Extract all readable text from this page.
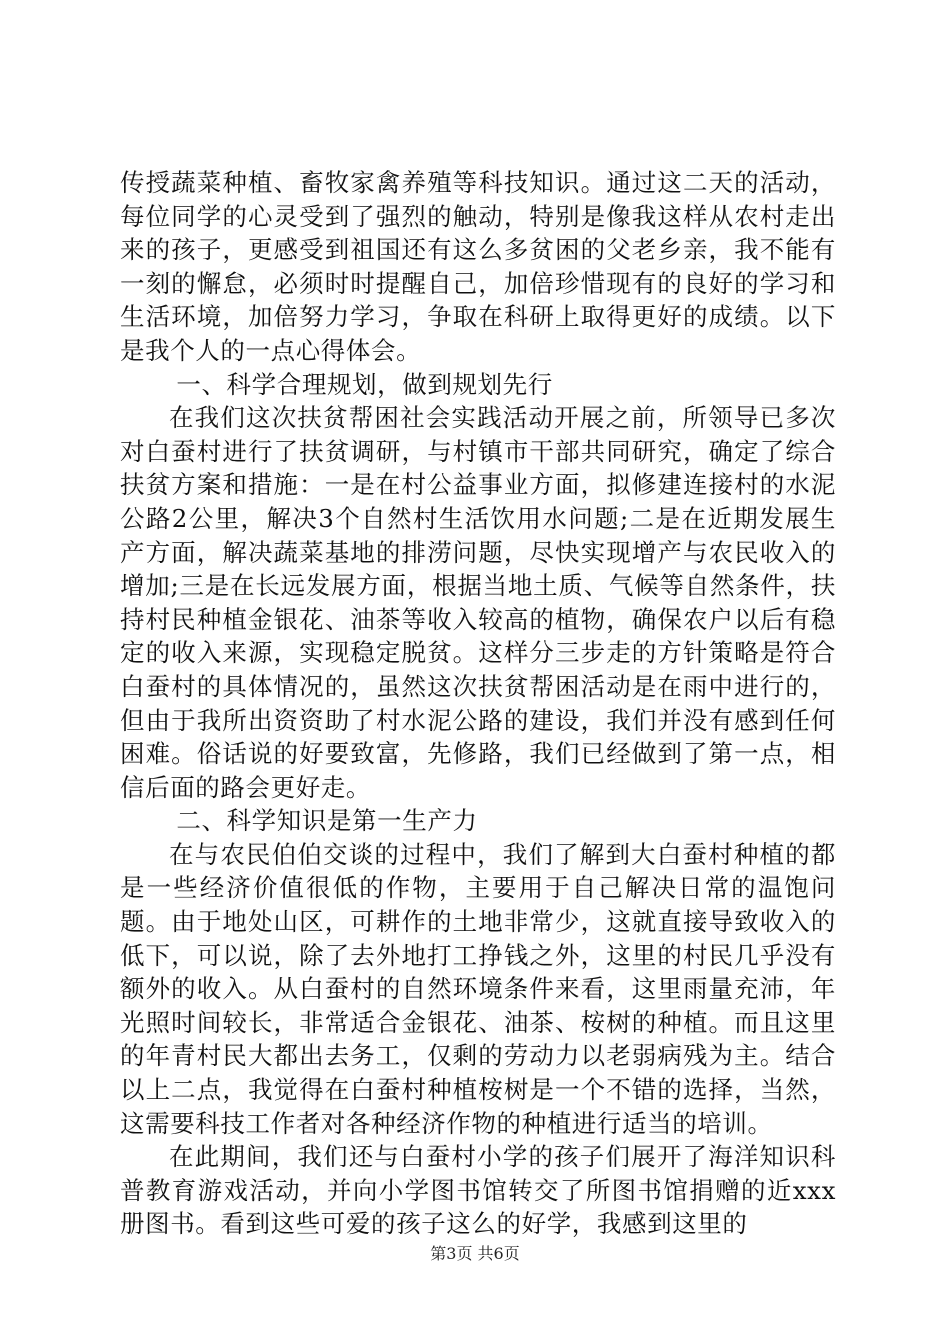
传授蔬菜种植、畜牧家禽养殖等科技知识。通过这二天的活动，每位同学的心灵受到了强烈的触动，特别是像我这样从农村走出来的孩子，更感受到祖国还有这么多贫困的父老乡亲，我不能有一刻的懈怠，必须时时提醒自己，加倍珍惜现有的良好的学习和生活环境，加倍努力学习，争取在科研上取得更好的成绩。以下是我个人的一点心得体会。

一、科学合理规划，做到规划先行

在我们这次扶贫帮困社会实践活动开展之前，所领导已多次对白蚕村进行了扶贫调研，与村镇市干部共同研究，确定了综合扶贫方案和措施：一是在村公益事业方面，拟修建连接村的水泥公路2公里，解决3个自然村生活饮用水问题;二是在近期发展生产方面，解决蔬菜基地的排涝问题，尽快实现增产与农民收入的增加;三是在长远发展方面，根据当地土质、气候等自然条件，扶持村民种植金银花、油茶等收入较高的植物，确保农户以后有稳定的收入来源，实现稳定脱贫。这样分三步走的方针策略是符合白蚕村的具体情况的，虽然这次扶贫帮困活动是在雨中进行的，但由于我所出资资助了村水泥公路的建设，我们并没有感到任何困难。俗话说的好要致富，先修路，我们已经做到了第一点，相信后面的路会更好走。

二、科学知识是第一生产力

在与农民伯伯交谈的过程中，我们了解到大白蚕村种植的都是一些经济价值很低的作物，主要用于自己解决日常的温饱问题。由于地处山区，可耕作的土地非常少，这就直接导致收入的低下，可以说，除了去外地打工挣钱之外，这里的村民几乎没有额外的收入。从白蚕村的自然环境条件来看，这里雨量充沛，年光照时间较长，非常适合金银花、油茶、桉树的种植。而且这里的年青村民大都出去务工，仅剩的劳动力以老弱病残为主。结合以上二点，我觉得在白蚕村种植桉树是一个不错的选择，当然，这需要科技工作者对各种经济作物的种植进行适当的培训。

在此期间，我们还与白蚕村小学的孩子们展开了海洋知识科普教育游戏活动，并向小学图书馆转交了所图书馆捐赠的近xxx册图书。看到这些可爱的孩子这么的好学，我感到这里的

第3页 共6页
